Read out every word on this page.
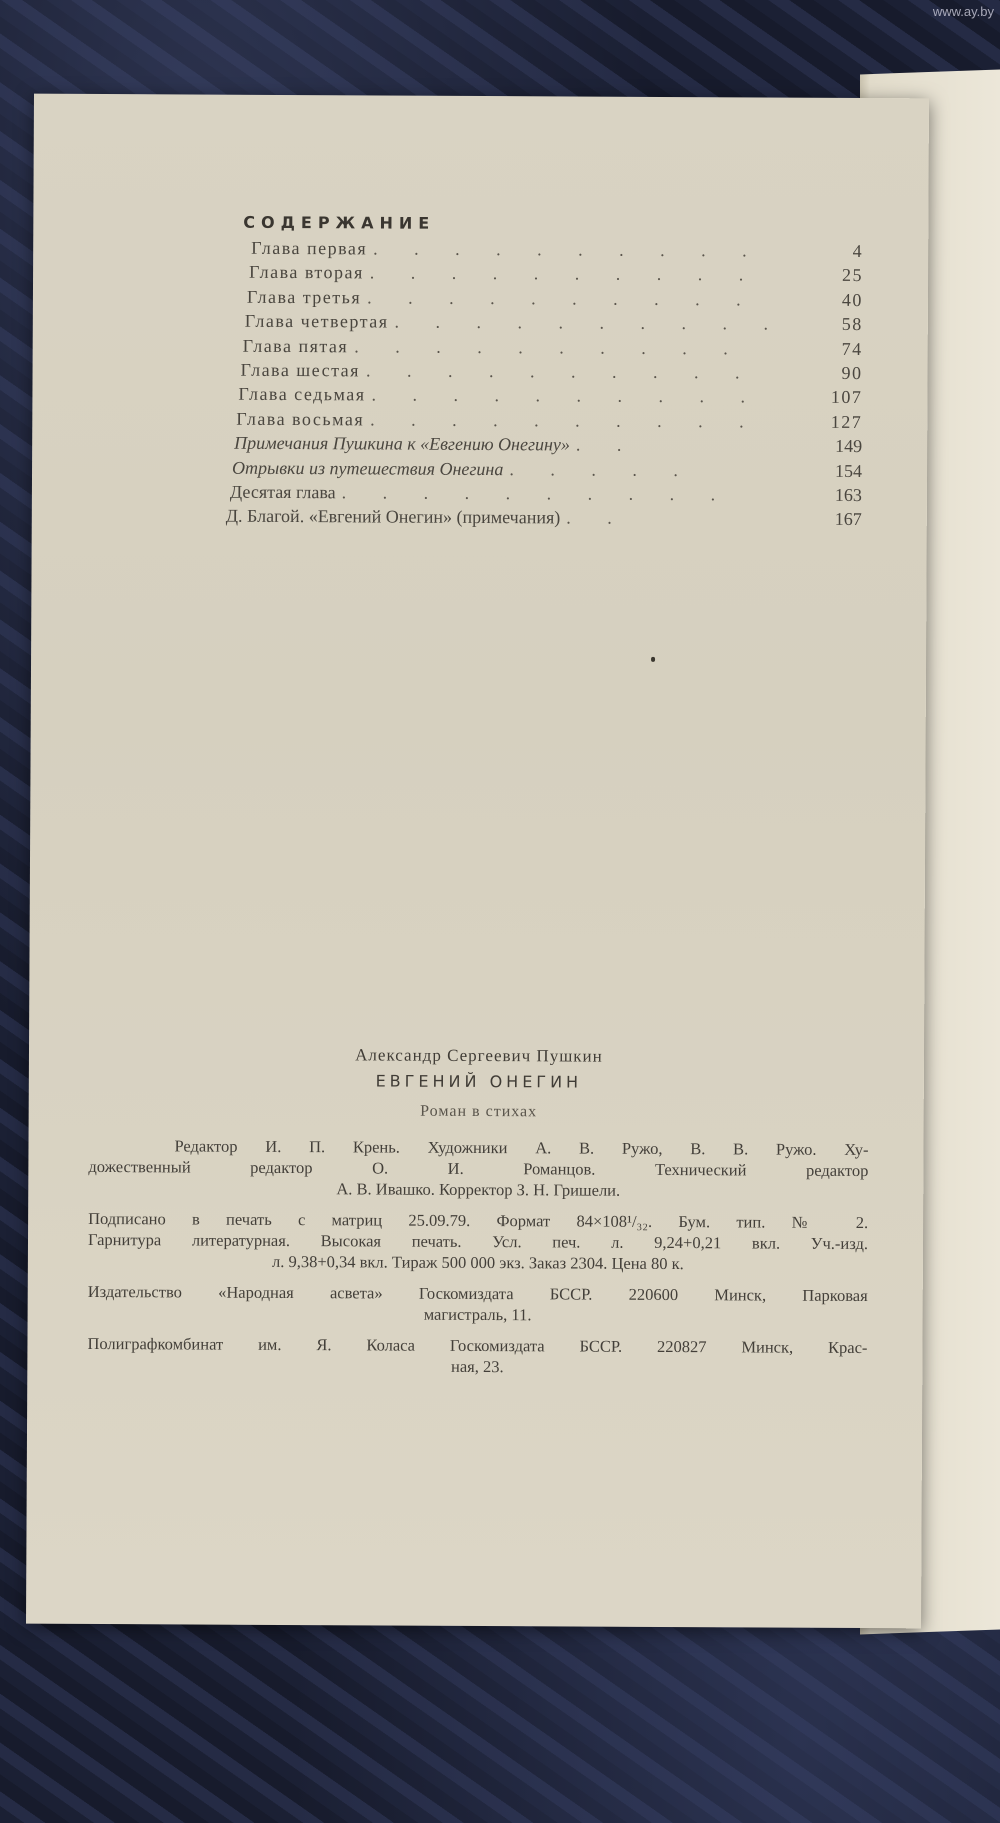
www.ay.by
СОДЕРЖАНИЕ
Глава первая . . . . . . . . . .	4
Глава вторая . . . . . . . . . .	25
Глава третья . . . . . . . . . .	40
Глава четвертая . . . . . . . . . .	58
Глава пятая . . . . . . . . . .	74
Глава шестая . . . . . . . . . .	90
Глава седьмая . . . . . . . . . .	107
Глава восьмая . . . . . . . . . .	127
Примечания Пушкина к «Евгению Онегину» . .	149
Отрывки из путешествия Онегина . . . . .	154
Десятая глава . . . . . . . . . .	163
Д. Благой. «Евгений Онегин» (примечания) . .	167
Александр Сергеевич Пушкин
ЕВГЕНИЙ ОНЕГИН
Роман в стихах
Редактор И. П. Крень. Художники А. В. Ружо, В. В. Ружо. Ху-
дожественный редактор О. И. Романцов. Технический редактор
А. В. Ивашко. Корректор З. Н. Гришели.
Подписано в печать с матриц 25.09.79. Формат 84×108¹/₃₂. Бум. тип. № 2.
Гарнитура литературная. Высокая печать. Усл. печ. л. 9,24+0,21 вкл. Уч.-изд.
л. 9,38+0,34 вкл. Тираж 500 000 экз. Заказ 2304. Цена 80 к.
Издательство «Народная асвета» Госкомиздата БССР. 220600 Минск, Парковая
магистраль, 11.
Полиграфкомбинат им. Я. Коласа Госкомиздата БССР. 220827 Минск, Крас-
ная, 23.
